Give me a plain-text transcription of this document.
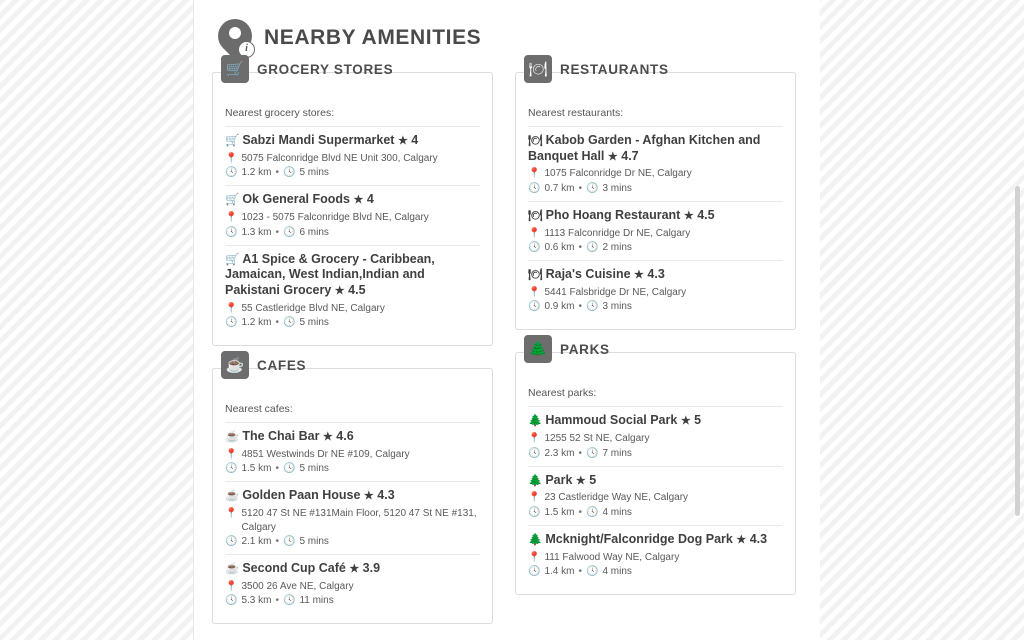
i NEARBY AMENITIES
🛒 GROCERY STORES
Nearest grocery stores:
🛒 Sabzi Mandi Supermarket ★ 4
📍 5075 Falconridge Blvd NE Unit 300, Calgary
🕓 1.2 km • 🕓 5 mins
🛒 Ok General Foods ★ 4
📍 1023 - 5075 Falconridge Blvd NE, Calgary
🕓 1.3 km • 🕓 6 mins
🛒 A1 Spice & Grocery - Caribbean, Jamaican, West Indian,Indian and Pakistani Grocery ★ 4.5
📍 55 Castleridge Blvd NE, Calgary
🕓 1.2 km • 🕓 5 mins
☕ CAFES
Nearest cafes:
☕ The Chai Bar ★ 4.6
📍 4851 Westwinds Dr NE #109, Calgary
🕓 1.5 km • 🕓 5 mins
☕ Golden Paan House ★ 4.3
📍 5120 47 St NE #131Main Floor, 5120 47 St NE #131, Calgary
🕓 2.1 km • 🕓 5 mins
☕ Second Cup Café ★ 3.9
📍 3500 26 Ave NE, Calgary
🕓 5.3 km • 🕓 11 mins
🍽 RESTAURANTS
Nearest restaurants:
🍽 Kabob Garden - Afghan Kitchen and Banquet Hall ★ 4.7
📍 1075 Falconridge Dr NE, Calgary
🕓 0.7 km • 🕓 3 mins
🍽 Pho Hoang Restaurant ★ 4.5
📍 1113 Falconridge Dr NE, Calgary
🕓 0.6 km • 🕓 2 mins
🍽 Raja's Cuisine ★ 4.3
📍 5441 Falsbridge Dr NE, Calgary
🕓 0.9 km • 🕓 3 mins
🌲 PARKS
Nearest parks:
🌲 Hammoud Social Park ★ 5
📍 1255 52 St NE, Calgary
🕓 2.3 km • 🕓 7 mins
🌲 Park ★ 5
📍 23 Castleridge Way NE, Calgary
🕓 1.5 km • 🕓 4 mins
🌲 Mcknight/Falconridge Dog Park ★ 4.3
📍 111 Falwood Way NE, Calgary
🕓 1.4 km • 🕓 4 mins
